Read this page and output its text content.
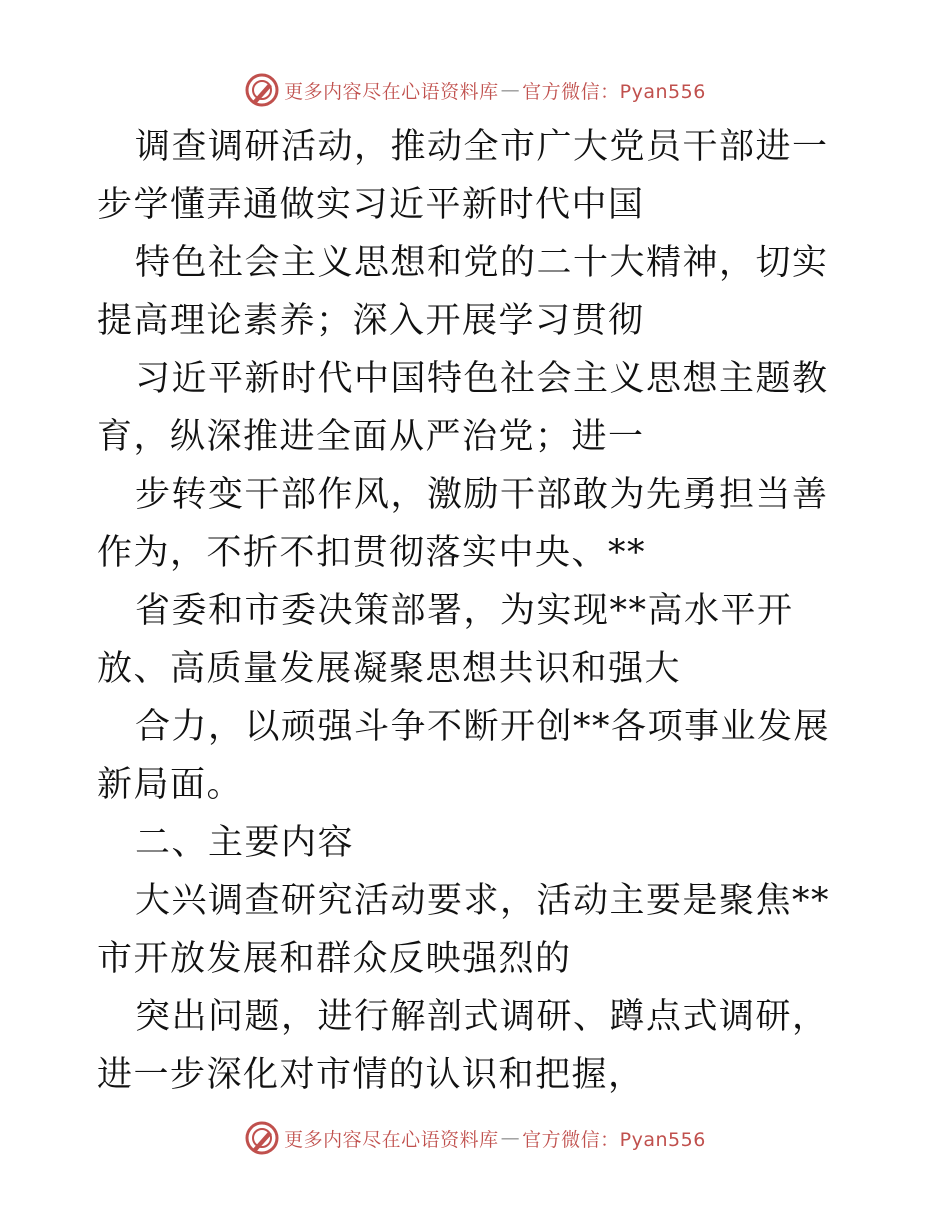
更多内容尽在心语资料库 — 官方微信：Pyan556

调查调研活动，推动全市广大党员干部进一步学懂弄通做实习近平新时代中国

特色社会主义思想和党的二十大精神，切实提高理论素养；深入开展学习贯彻

习近平新时代中国特色社会主义思想主题教育，纵深推进全面从严治党；进一

步转变干部作风，激励干部敢为先勇担当善作为，不折不扣贯彻落实中央、**

省委和市委决策部署，为实现**高水平开放、高质量发展凝聚思想共识和强大

合力，以顽强斗争不断开创**各项事业发展新局面。

二、主要内容

大兴调查研究活动要求，活动主要是聚焦**市开放发展和群众反映强烈的

突出问题，进行解剖式调研、蹲点式调研，进一步深化对市情的认识和把握，

更多内容尽在心语资料库 — 官方微信：Pyan556
